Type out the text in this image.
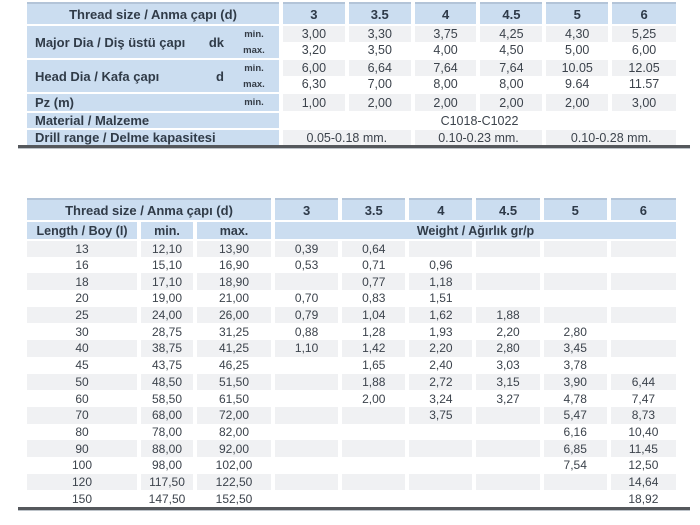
Thread size / Anma çapı (d)		3	3.5	4	4.5	5	6

Major Dia / Diş üstü çapı dk	min.	3,00	3,30	3,75	4,25	4,30	5,25
	max.	3,20	3,50	4,00	4,50	5,00	6,00

Head Dia / Kafa çapı d	min.	6,00	6,64	7,64	7,64	10.05	12.05
	max.	6,30	7,00	8,00	8,00	9.64	11.57

Pz (m)	min.	1,00	2,00	2,00	2,00	2,00	3,00
Material / Malzeme		C1018-C1022					
Drill range / Delme kapasitesi		0.05-0.18 mm.		0.10-0.23 mm.		0.10-0.28 mm.	
Thread size / Anma çapı (d)			3	3.5	4	4.5	5	6
Length / Boy (I)	min.	max.	Weight / Ağırlık gr/p					
13	12,10	13,90	0,39	0,64				
16	15,10	16,90	0,53	0,71	0,96			
18	17,10	18,90		0,77	1,18			
20	19,00	21,00	0,70	0,83	1,51			
25	24,00	26,00	0,79	1,04	1,62	1,88		
30	28,75	31,25	0,88	1,28	1,93	2,20	2,80	
40	38,75	41,25	1,10	1,42	2,20	2,80	3,45	
45	43,75	46,25		1,65	2,40	3,03	3,78	
50	48,50	51,50		1,88	2,72	3,15	3,90	6,44
60	58,50	61,50		2,00	3,24	3,27	4,78	7,47
70	68,00	72,00			3,75		5,47	8,73
80	78,00	82,00					6,16	10,40
90	88,00	92,00					6,85	11,45
100	98,00	102,00					7,54	12,50
120	117,50	122,50						14,64
150	147,50	152,50						18,92
